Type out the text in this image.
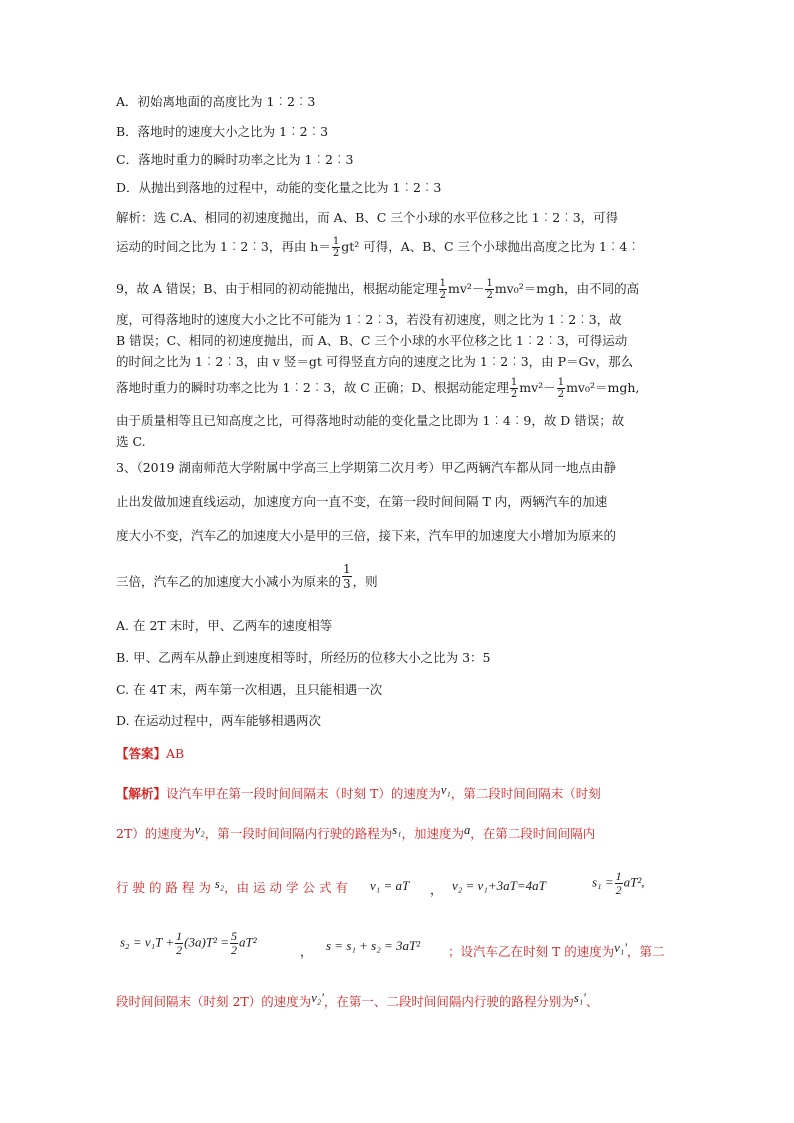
A．初始离地面的高度比为 1︰2︰3
B．落地时的速度大小之比为 1︰2︰3
C．落地时重力的瞬时功率之比为 1︰2︰3
D．从抛出到落地的过程中，动能的变化量之比为 1︰2︰3
解析：选 C.A、相同的初速度抛出，而 A、B、C 三个小球的水平位移之比 1︰2︰3，可得
运动的时间之比为 1︰2︰3，再由 $h= \frac{1}{2} gt^2$ 可得，A、B、C 三个小球抛出高度之比为 1︰4︰
9，故 A 错误；B、由于相同的初动能抛出，根据动能定理 $\frac{1}{2} mv^2- \frac{1}{2} mv_0^2=mgh$，由不同的高
度，可得落地时的速度大小之比不可能为 1︰2︰3，若没有初速度，则之比为 1︰2︰3，故
B 错误；C、相同的初速度抛出，而 A、B、C 三个小球的水平位移之比 1︰2︰3，可得运动
的时间之比为 1︰2︰3，由 v 竖＝gt 可得竖直方向的速度之比为 1︰2︰3，由 P＝Gv，那么
落地时重力的瞬时功率之比为 1︰2︰3，故 C 正确；D、根据动能定理 $\frac{1}{2} mv^2- \frac{1}{2} mv_0^2=mgh$,
由于质量相等且已知高度之比，可得落地时动能的变化量之比即为 1︰4︰9，故 D 错误；故
选 C.
3、（2019 湖南师范大学附属中学高三上学期第二次月考）甲乙两辆汽车都从同一地点由静
止出发做加速直线运动，加速度方向一直不变，在第一段时间间隔 T 内，两辆汽车的加速
度大小不变，汽车乙的加速度大小是甲的三倍，接下来，汽车甲的加速度大小增加为原来的
三倍，汽车乙的加速度大小减小为原来的 $\frac{1}{3}$ ，则
A. 在 2T 末时，甲、乙两车的速度相等
B. 甲、乙两车从静止到速度相等时，所经历的位移大小之比为 3：5
C. 在 4T 末，两车第一次相遇，且只能相遇一次
D. 在运动过程中，两车能够相遇两次
【答案】AB
【解析】设汽车甲在第一段时间间隔末（时刻 T）的速度为v₁，第二段时间间隔末（时刻
2T）的速度为v₂，第一段时间间隔内行驶的路程为s₁，加速度为a，在第二段时间间隔内
行 驶 的 路 程 为 s₂，由 运 动 学 公 式 有 v₁ = aT ， v₂ = v₁+3aT=4aT	$s_1 = \frac{1}{2} aT^2$,
$s_2 = v_1T + \frac{1}{2} (3a)T^2 = \frac{5}{2} aT^2$
， s = s₁ + s₂ = 3aT² ；设汽车乙在时刻 T 的速度为v₁′，第二
段时间间隔末（时刻 2T）的速度为v₂′，在第一、二段时间间隔内行驶的路程分别为s₁′、
